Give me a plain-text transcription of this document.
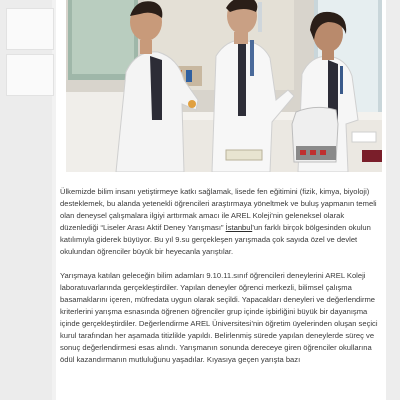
Ülkemizde bilim insanı yetiştirmeye katkı sağlamak, lisede fen eğitimini (fizik, kimya, biyoloji) desteklemek, bu alanda yetenekli öğrencileri araştırmaya yöneltmek ve buluş yapmanın temeli olan deneysel çalışmalara ilgiyi arttırmak amacı ile AREL Koleji’nin geleneksel olarak düzenlediği “Liseler Arası Aktif Deney Yarışması” İstanbul’un farklı birçok bölgesinden okulun katılımıyla giderek büyüyor. Bu yıl 9.su gerçekleşen yarışmada çok sayıda özel ve devlet okulundan öğrenciler büyük bir heyecanla yarıştılar.

Yarışmaya katılan geleceğin bilim adamları 9.10.11.sınıf öğrencileri deneylerini AREL Koleji laboratuvarlarında gerçekleştirdiler. Yapılan deneyler öğrenci merkezli, bilimsel çalışma basamaklarını içeren, müfredata uygun olarak seçildi. Yapacakları deneyleri ve değerlendirme kriterlerini yarışma esnasında öğrenen öğrenciler grup içinde işbirliğini büyük bir dayanışma içinde gerçekleştirdiler. Değerlendirme AREL Üniversitesi’nin öğretim üyelerinden oluşan seçici kurul tarafından her aşamada titizlikle yapıldı. Belirlenmiş sürede yapılan deneylerde süreç ve sonuç değerlendirmesi esas alındı. Yarışmanın sonunda dereceye giren öğrenciler okullarına ödül kazandırmanın mutluluğunu yaşadılar. Kıyasıya geçen yarışta bazı
